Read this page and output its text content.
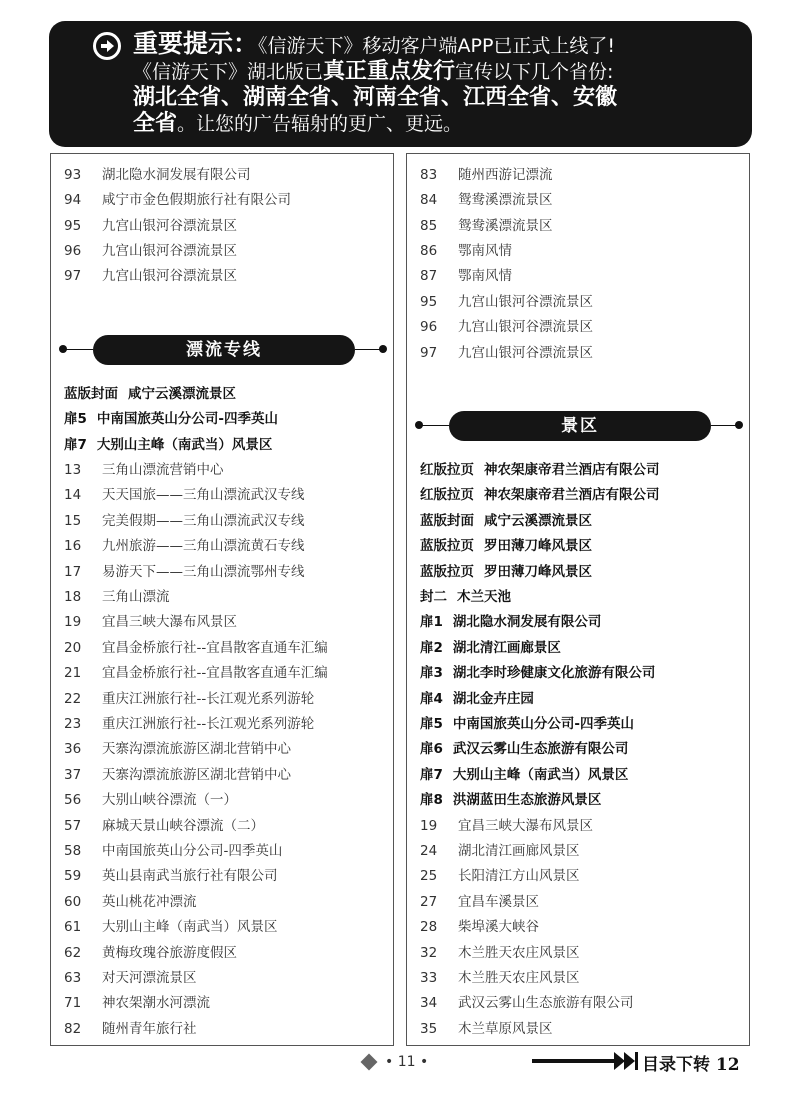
重要提示：《信游天下》移动客户端APP已正式上线了!
《信游天下》湖北版已真正重点发行宣传以下几个省份:
湖北全省、湖南全省、河南全省、江西全省、安徽
全省。让您的广告辐射的更广、更远。
93 湖北隐水洞发展有限公司
94 咸宁市金色假期旅行社有限公司
95 九宫山银河谷漂流景区
96 九宫山银河谷漂流景区
97 九宫山银河谷漂流景区
漂流专线
蓝版封面 咸宁云溪漂流景区
扉5 中南国旅英山分公司-四季英山
扉7 大别山主峰（南武当）风景区
13 三角山漂流营销中心
14 天天国旅——三角山漂流武汉专线
15 完美假期——三角山漂流武汉专线
16 九州旅游——三角山漂流黄石专线
17 易游天下——三角山漂流鄂州专线
18 三角山漂流
19 宜昌三峡大瀑布风景区
20 宜昌金桥旅行社--宜昌散客直通车汇编
21 宜昌金桥旅行社--宜昌散客直通车汇编
22 重庆江洲旅行社--长江观光系列游轮
23 重庆江洲旅行社--长江观光系列游轮
36 天寨沟漂流旅游区湖北营销中心
37 天寨沟漂流旅游区湖北营销中心
56 大别山峡谷漂流（一）
57 麻城天景山峡谷漂流（二）
58 中南国旅英山分公司-四季英山
59 英山县南武当旅行社有限公司
60 英山桃花冲漂流
61 大别山主峰（南武当）风景区
62 黄梅玫瑰谷旅游度假区
63 对天河漂流景区
71 神农架潮水河漂流
82 随州青年旅行社
83 随州西游记漂流
84 鸳鸯溪漂流景区
85 鸳鸯溪漂流景区
86 鄂南风情
87 鄂南风情
95 九宫山银河谷漂流景区
96 九宫山银河谷漂流景区
97 九宫山银河谷漂流景区
景区
红版拉页 神农架康帝君兰酒店有限公司
红版拉页 神农架康帝君兰酒店有限公司
蓝版封面 咸宁云溪漂流景区
蓝版拉页 罗田薄刀峰风景区
蓝版拉页 罗田薄刀峰风景区
封二 木兰天池
扉1 湖北隐水洞发展有限公司
扉2 湖北清江画廊景区
扉3 湖北李时珍健康文化旅游有限公司
扉4 湖北金卉庄园
扉5 中南国旅英山分公司-四季英山
扉6 武汉云雾山生态旅游有限公司
扉7 大别山主峰（南武当）风景区
扉8 洪湖蓝田生态旅游风景区
19 宜昌三峡大瀑布风景区
24 湖北清江画廊风景区
25 长阳清江方山风景区
27 宜昌车溪景区
28 柴埠溪大峡谷
32 木兰胜天农庄风景区
33 木兰胜天农庄风景区
34 武汉云雾山生态旅游有限公司
35 木兰草原风景区
• 11 •	目录下转 12
